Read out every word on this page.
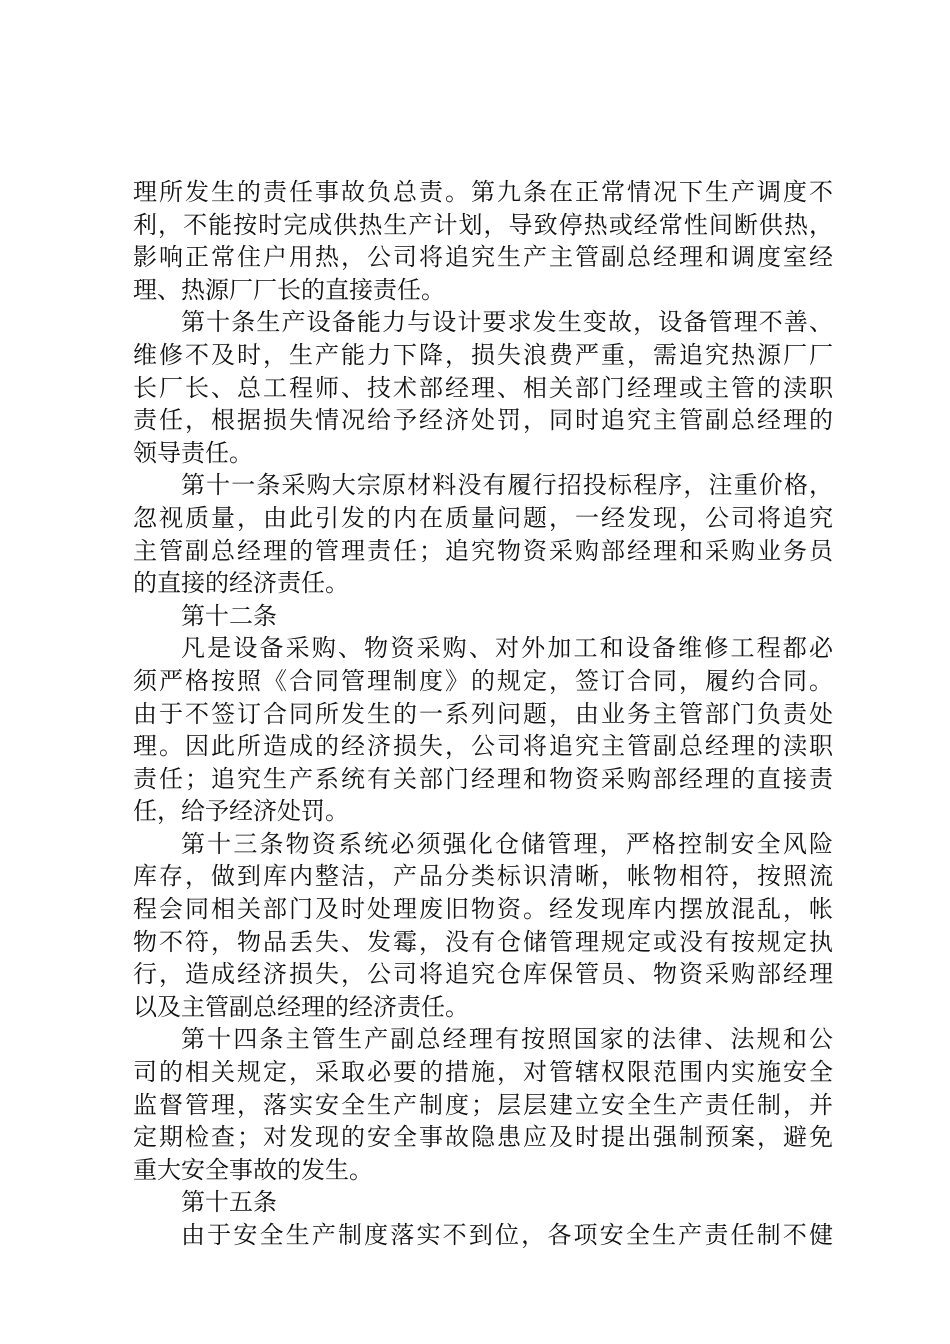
理所发生的责任事故负总责。第九条在正常情况下生产调度不
利，不能按时完成供热生产计划，导致停热或经常性间断供热，
影响正常住户用热，公司将追究生产主管副总经理和调度室经
理、热源厂厂长的直接责任。
第十条生产设备能力与设计要求发生变故，设备管理不善、
维修不及时，生产能力下降，损失浪费严重，需追究热源厂厂
长厂长、总工程师、技术部经理、相关部门经理或主管的渎职
责任，根据损失情况给予经济处罚，同时追究主管副总经理的
领导责任。
第十一条采购大宗原材料没有履行招投标程序，注重价格，
忽视质量，由此引发的内在质量问题，一经发现，公司将追究
主管副总经理的管理责任；追究物资采购部经理和采购业务员
的直接的经济责任。
第十二条
凡是设备采购、物资采购、对外加工和设备维修工程都必
须严格按照《合同管理制度》的规定，签订合同，履约合同。
由于不签订合同所发生的一系列问题，由业务主管部门负责处
理。因此所造成的经济损失，公司将追究主管副总经理的渎职
责任；追究生产系统有关部门经理和物资采购部经理的直接责
任，给予经济处罚。
第十三条物资系统必须强化仓储管理，严格控制安全风险
库存，做到库内整洁，产品分类标识清晰，帐物相符，按照流
程会同相关部门及时处理废旧物资。经发现库内摆放混乱，帐
物不符，物品丢失、发霉，没有仓储管理规定或没有按规定执
行，造成经济损失，公司将追究仓库保管员、物资采购部经理
以及主管副总经理的经济责任。
第十四条主管生产副总经理有按照国家的法律、法规和公
司的相关规定，采取必要的措施，对管辖权限范围内实施安全
监督管理，落实安全生产制度；层层建立安全生产责任制，并
定期检查；对发现的安全事故隐患应及时提出强制预案，避免
重大安全事故的发生。
第十五条
由于安全生产制度落实不到位，各项安全生产责任制不健
